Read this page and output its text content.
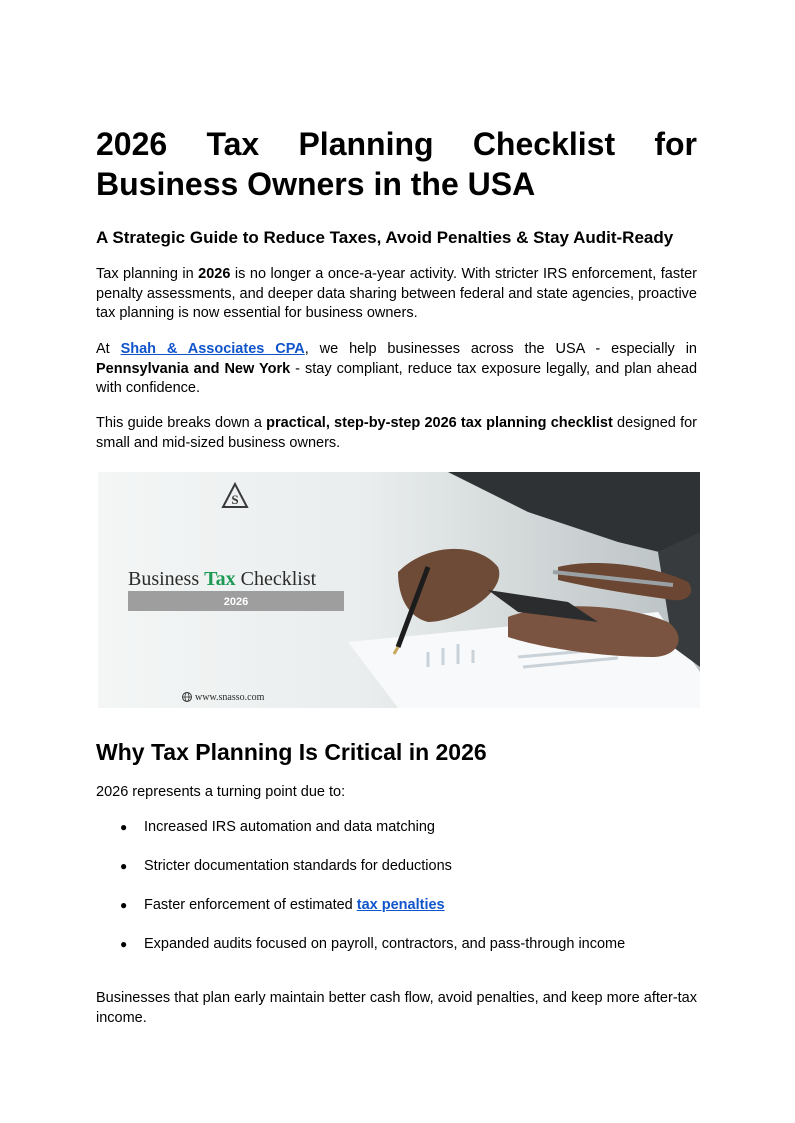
2026 Tax Planning Checklist for
Business Owners in the USA

A Strategic Guide to Reduce Taxes, Avoid Penalties & Stay Audit-Ready

Tax planning in 2026 is no longer a once-a-year activity. With stricter IRS enforcement, faster penalty assessments, and deeper data sharing between federal and state agencies, proactive tax planning is now essential for business owners.

At Shah & Associates CPA, we help businesses across the USA - especially in Pennsylvania and New York - stay compliant, reduce tax exposure legally, and plan ahead with confidence.

This guide breaks down a practical, step-by-step 2026 tax planning checklist designed for small and mid-sized business owners.

S
Business Tax Checklist
2026
www.snasso.com
Why Tax Planning Is Critical in 2026

2026 represents a turning point due to:

● Increased IRS automation and data matching
● Stricter documentation standards for deductions
● Faster enforcement of estimated tax penalties
● Expanded audits focused on payroll, contractors, and pass-through income

Businesses that plan early maintain better cash flow, avoid penalties, and keep more after-tax income.
